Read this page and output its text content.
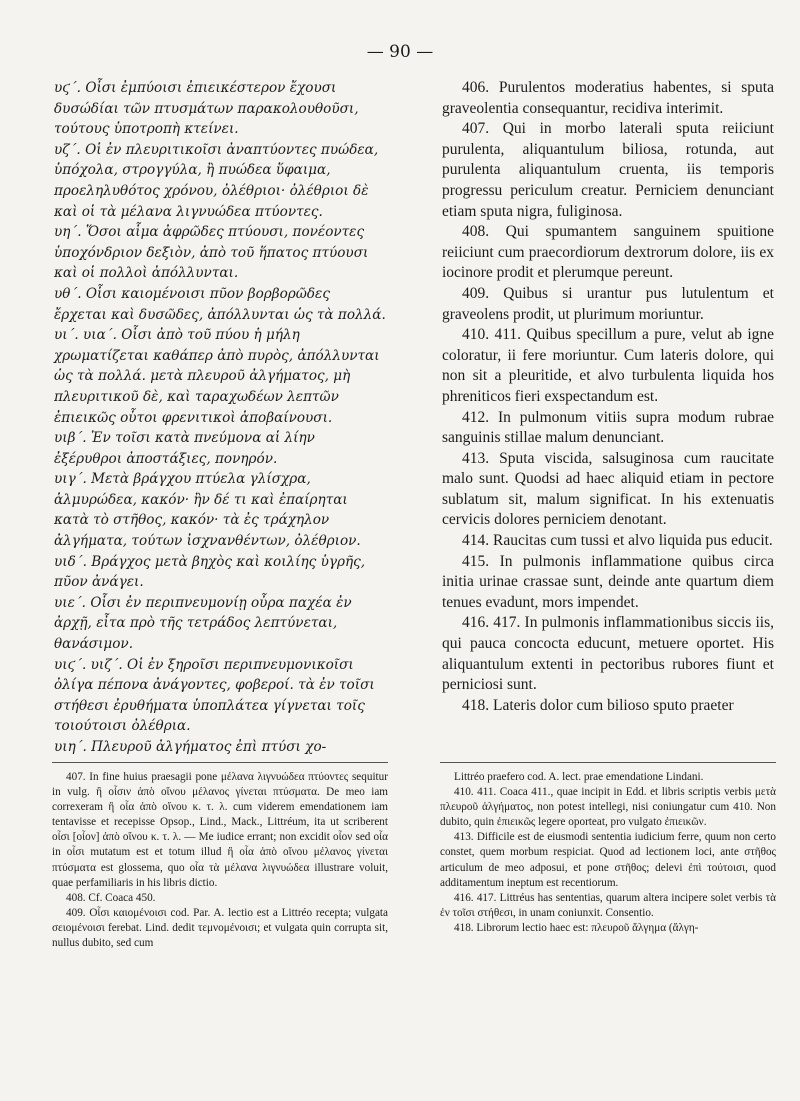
— 90 —

υϛ΄. Οἷσι ἐμπύοισι ἐπιεικέστερον ἔχουσι δυσώδίαι τῶν πτυσμάτων παρακολουθοῦσι, τούτους ὑποτροπὴ κτείνει.

υζ΄. Οἱ ἐν πλευριτικοῖσι ἀναπτύοντες πυώδεα, ὑπόχολα, στρογγύλα, ἢ πυώδεα ὕφαιμα, προεληλυθότος χρόνου, ὀλέθριοι· ὀλέθριοι δὲ καὶ οἱ τὰ μέλανα λιγνυώδεα πτύοντες.

υη΄. Ὅσοι αἷμα ἀφρῶδες πτύουσι, πονέοντες ὑποχόνδριον δεξιὸν, ἀπὸ τοῦ ἥπατος πτύουσι καὶ οἱ πολλοὶ ἀπόλλυνται.

υθ΄. Οἷσι καιομένοισι πῦον βορβορῶδες ἔρχεται καὶ δυσῶδες, ἀπόλλυνται ὡς τὰ πολλά.

υι΄. υια΄. Οἷσι ἀπὸ τοῦ πύου ἡ μήλη χρωματίζεται καθάπερ ἀπὸ πυρὸς, ἀπόλλυνται ὡς τὰ πολλά. μετὰ πλευροῦ ἀλγήματος, μὴ πλευριτικοῦ δὲ, καὶ ταραχωδέων λεπτῶν ἐπιεικῶς οὗτοι φρενιτικοὶ ἀποβαίνουσι.

υιβ΄. Ἐν τοῖσι κατὰ πνεύμονα αἱ λίην ἐξέρυθροι ἀποστάξιες, πονηρόν.

υιγ΄. Μετὰ βράγχου πτύελα γλίσχρα, ἁλμυρώδεα, κακόν· ἢν δέ τι καὶ ἐπαίρηται κατὰ τὸ στῆθος, κακόν· τὰ ἐς τράχηλον ἀλγήματα, τούτων ἰσχνανθέντων, ὀλέθριον.

υιδ΄. Βράγχος μετὰ βηχὸς καὶ κοιλίης ὑγρῆς, πῦον ἀνάγει.

υιε΄. Οἷσι ἐν περιπνευμονίῃ οὖρα παχέα ἐν ἀρχῇ, εἶτα πρὸ τῆς τετράδος λεπτύνεται, θανάσιμον.

υιϛ΄. υιζ΄. Οἱ ἐν ξηροῖσι περιπνευμονικοῖσι ὀλίγα πέπονα ἀνάγοντες, φοβεροί. τὰ ἐν τοῖσι στήθεσι ἐρυθήματα ὑποπλάτεα γίγνεται τοῖς τοιούτοισι ὀλέθρια.

υιη΄. Πλευροῦ ἀλγήματος ἐπὶ πτύσι χο-

406. Purulentos moderatius habentes, si sputa graveolentia consequantur, recidiva interimit.

407. Qui in morbo laterali sputa reiiciunt purulenta, aliquantulum biliosa, rotunda, aut purulenta aliquantulum cruenta, iis temporis progressu periculum creatur. Perniciem denunciant etiam sputa nigra, fuliginosa.

408. Qui spumantem sanguinem spuitione reiiciunt cum praecordiorum dextrorum dolore, iis ex iocinore prodit et plerumque pereunt.

409. Quibus si urantur pus lutulentum et graveolens prodit, ut plurimum moriuntur.

410. 411. Quibus specillum a pure, velut ab igne coloratur, ii fere moriuntur. Cum lateris dolore, qui non sit a pleuritide, et alvo turbulenta liquida hos phreniticos fieri exspectandum est.

412. In pulmonum vitiis supra modum rubrae sanguinis stillae malum denunciant.

413. Sputa viscida, salsuginosa cum raucitate malo sunt. Quodsi ad haec aliquid etiam in pectore sublatum sit, malum significat. In his extenuatis cervicis dolores perniciem denotant.

414. Raucitas cum tussi et alvo liquida pus educit.

415. In pulmonis inflammatione quibus circa initia urinae crassae sunt, deinde ante quartum diem tenues evadunt, mors impendet.

416. 417. In pulmonis inflammationibus siccis iis, qui pauca concocta educunt, metuere oportet. His aliquantulum extenti in pectoribus rubores fiunt et perniciosi sunt.

418. Lateris dolor cum bilioso sputo praeter

407. In fine huius praesagii pone μέλανα λιγνυώδεα πτύοντες sequitur in vulg. ἢ οἷσιν ἀπὸ οἴνου μέλανος γίνεται πτύσματα. De meo iam correxeram ἢ οἷα ἀπὸ οἴνου κ. τ. λ. cum viderem emendationem iam tentavisse et recepisse Opsop., Lind., Mack., Littréum, ita ut scriberent οἷσι [οἷον] ἀπὸ οἴνου κ. τ. λ. — Me iudice errant; non excidit οἷον sed οἷα in οἷσι mutatum est et totum illud ἢ οἷα ἀπὸ οἴνου μέλανος γίνεται πτύσματα est glossema, quo οἷα τὰ μέλανα λιγνυώδεα illustrare voluit, quae perfamiliaris in his libris dictio.

408. Cf. Coaca 450.

409. Οἷσι καιομένοισι cod. Par. A. lectio est a Littréo recepta; vulgata σειομένοισι ferebat. Lind. dedit τεμνομένοισι; et vulgata quin corrupta sit, nullus dubito, sed cum

Littréo praefero cod. A. lect. prae emendatione Lindani.

410. 411. Coaca 411., quae incipit in Edd. et libris scriptis verbis μετὰ πλευροῦ ἀλγήματος, non potest intellegi, nisi coniungatur cum 410. Non dubito, quin ἐπιεικῶς legere oporteat, pro vulgato ἐπιεικῶν.

413. Difficile est de eiusmodi sententia iudicium ferre, quum non certo constet, quem morbum respiciat. Quod ad lectionem loci, ante στῆθος articulum de meo adposui, et pone στῆθος; delevi ἐπὶ τούτοισι, quod additamentum ineptum est recentiorum.

416. 417. Littréus has sententias, quarum altera incipere solet verbis τὰ ἐν τοῖσι στήθεσι, in unam coniunxit. Consentio.

418. Librorum lectio haec est: πλευροῦ ἄλγημα (ἄλγη-
